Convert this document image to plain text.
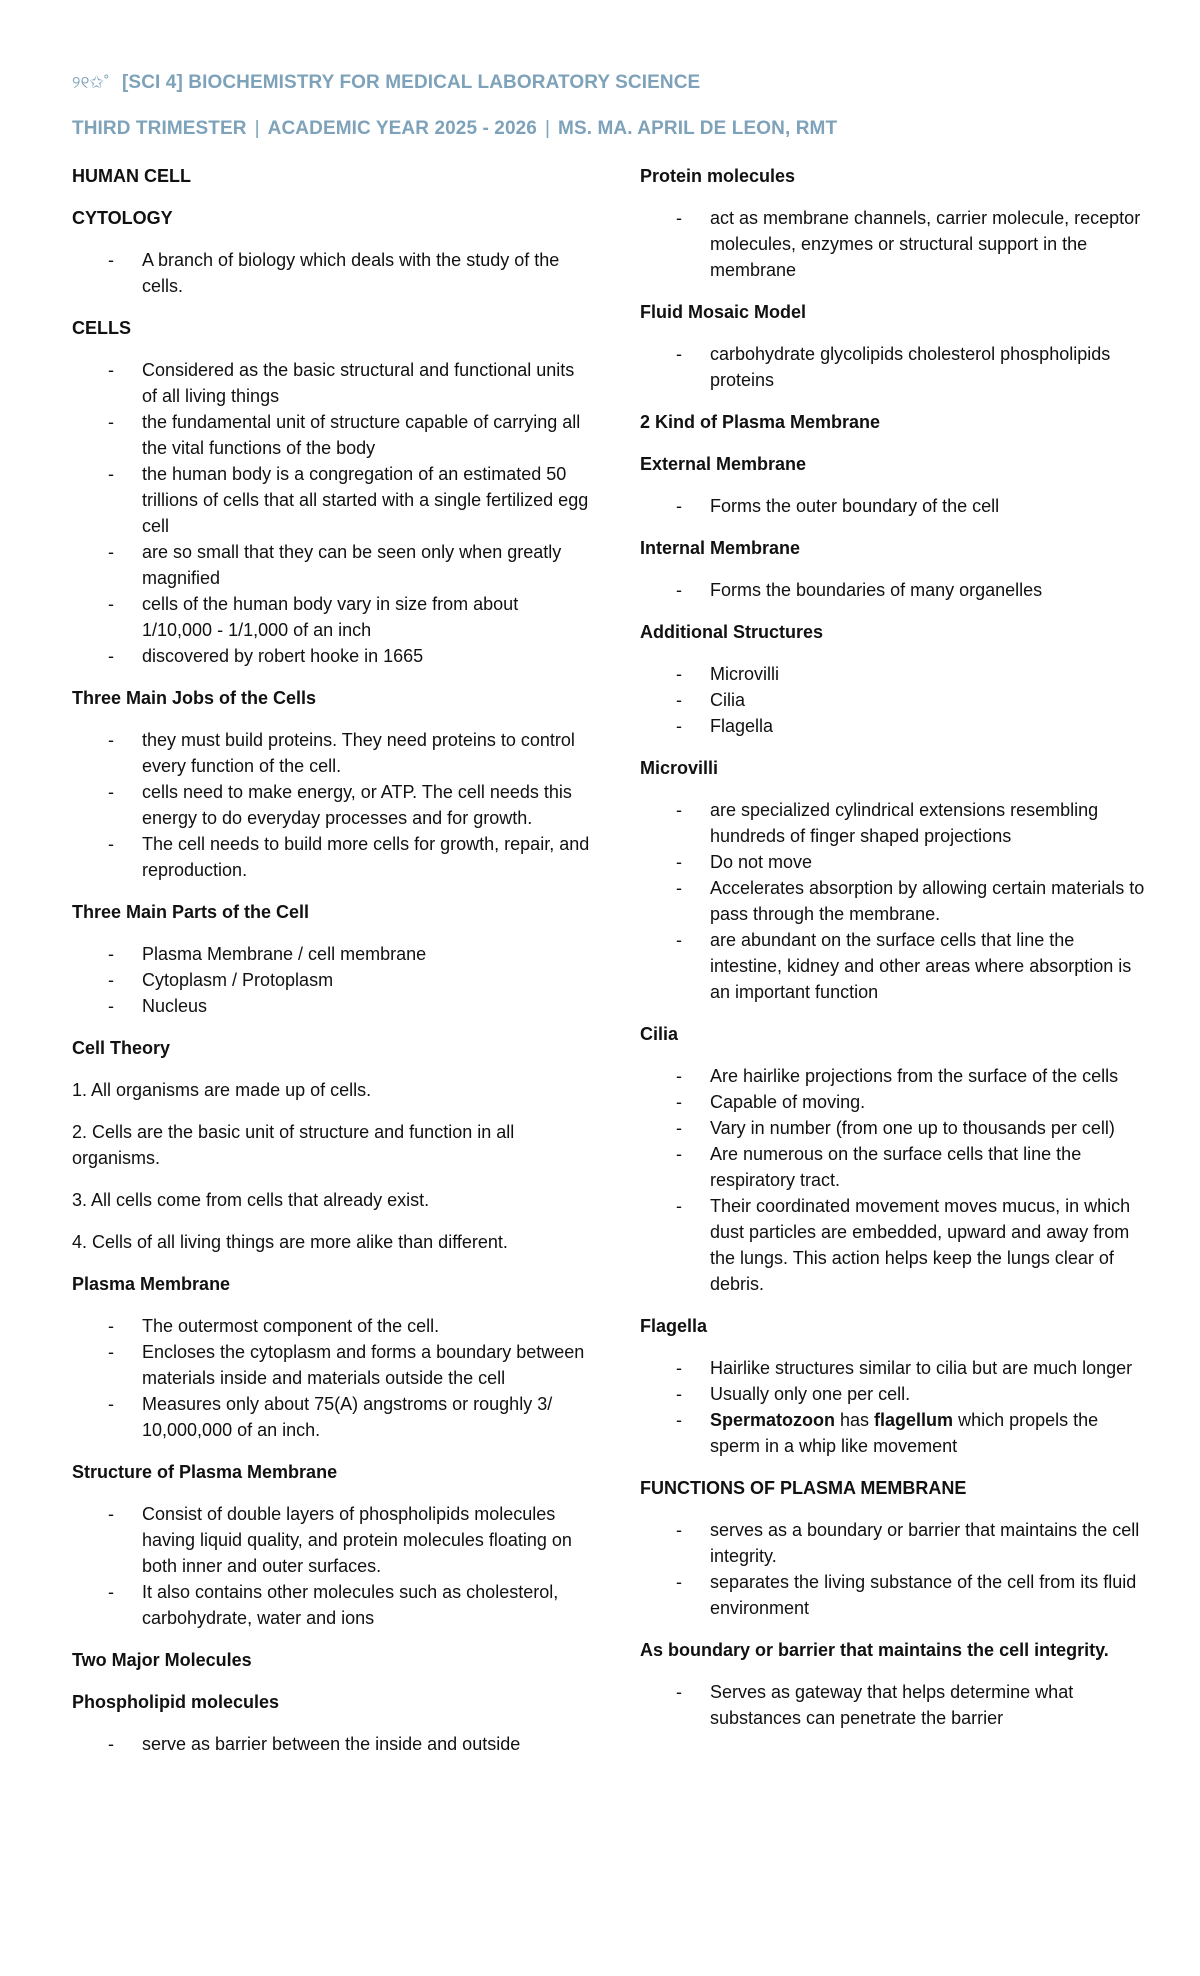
୨୧✩˚ [SCI 4] BIOCHEMISTRY FOR MEDICAL LABORATORY SCIENCE
THIRD TRIMESTER | ACADEMIC YEAR 2025 - 2026 | MS. MA. APRIL DE LEON, RMT
HUMAN CELL
CYTOLOGY
- A branch of biology which deals with the study of the cells.
CELLS
- Considered as the basic structural and functional units of all living things
- the fundamental unit of structure capable of carrying all the vital functions of the body
- the human body is a congregation of an estimated 50 trillions of cells that all started with a single fertilized egg cell
- are so small that they can be seen only when greatly magnified
- cells of the human body vary in size from about 1/10,000 - 1/1,000 of an inch
- discovered by robert hooke in 1665
Three Main Jobs of the Cells
- they must build proteins. They need proteins to control every function of the cell.
- cells need to make energy, or ATP. The cell needs this energy to do everyday processes and for growth.
- The cell needs to build more cells for growth, repair, and reproduction.
Three Main Parts of the Cell
- Plasma Membrane / cell membrane
- Cytoplasm / Protoplasm
- Nucleus
Cell Theory

1. All organisms are made up of cells.

2. Cells are the basic unit of structure and function in all organisms.

3. All cells come from cells that already exist.

4. Cells of all living things are more alike than different.

Plasma Membrane
- The outermost component of the cell.
- Encloses the cytoplasm and forms a boundary between materials inside and materials outside the cell
- Measures only about 75(A) angstroms or roughly 3/ 10,000,000 of an inch.
Structure of Plasma Membrane
- Consist of double layers of phospholipids molecules having liquid quality, and protein molecules floating on both inner and outer surfaces.
- It also contains other molecules such as cholesterol, carbohydrate, water and ions
Two Major Molecules
Phospholipid molecules
- serve as barrier between the inside and outside
Protein molecules
- act as membrane channels, carrier molecule, receptor molecules, enzymes or structural support in the membrane
Fluid Mosaic Model
- carbohydrate glycolipids cholesterol phospholipids proteins
2 Kind of Plasma Membrane
External Membrane
- Forms the outer boundary of the cell
Internal Membrane
- Forms the boundaries of many organelles
Additional Structures
- Microvilli
- Cilia
- Flagella
Microvilli
- are specialized cylindrical extensions resembling hundreds of finger shaped projections
- Do not move
- Accelerates absorption by allowing certain materials to pass through the membrane.
- are abundant on the surface cells that line the intestine, kidney and other areas where absorption is an important function
Cilia
- Are hairlike projections from the surface of the cells
- Capable of moving.
- Vary in number (from one up to thousands per cell)
- Are numerous on the surface cells that line the respiratory tract.
- Their coordinated movement moves mucus, in which dust particles are embedded, upward and away from the lungs. This action helps keep the lungs clear of debris.
Flagella
- Hairlike structures similar to cilia but are much longer
- Usually only one per cell.
- Spermatozoon has flagellum which propels the sperm in a whip like movement
FUNCTIONS OF PLASMA MEMBRANE
- serves as a boundary or barrier that maintains the cell integrity.
- separates the living substance of the cell from its fluid environment
As boundary or barrier that maintains the cell integrity.
- Serves as gateway that helps determine what substances can penetrate the barrier
